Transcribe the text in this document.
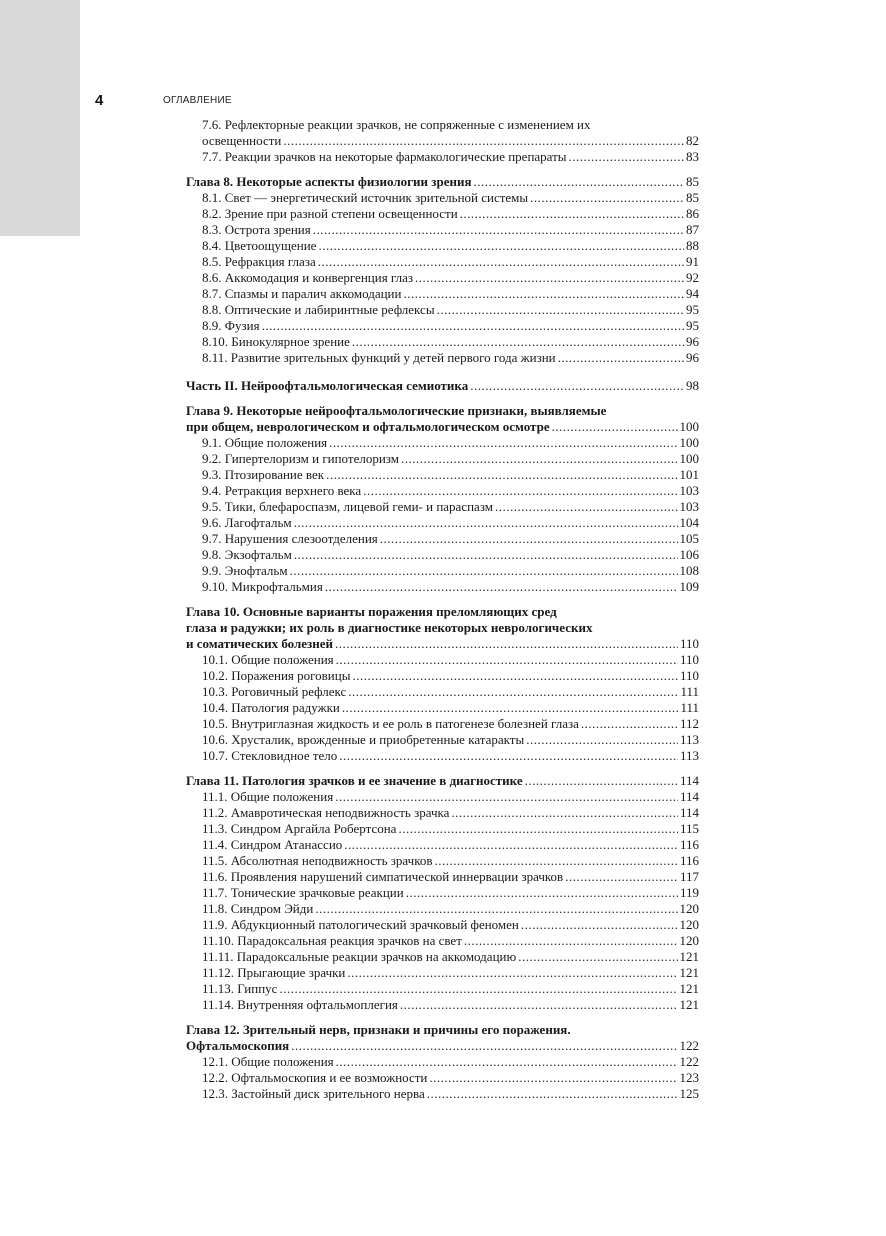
4	ОГЛАВЛЕНИЕ
7.6. Рефлекторные реакции зрачков, не сопряженные с изменением их
освещенности .....	82
7.7. Реакции зрачков на некоторые фармакологические препараты .....	83
Глава 8. Некоторые аспекты физиологии зрения .....	85
8.1. Свет — энергетический источник зрительной системы .....	85
8.2. Зрение при разной степени освещенности .....	86
8.3. Острота зрения .....	87
8.4. Цветоощущение .....	88
8.5. Рефракция глаза .....	91
8.6. Аккомодация и конвергенция глаз .....	92
8.7. Спазмы и паралич аккомодации .....	94
8.8. Оптические и лабиринтные рефлексы .....	95
8.9. Фузия .....	95
8.10. Бинокулярное зрение .....	96
8.11. Развитие зрительных функций у детей первого года жизни .....	96
Часть II. Нейроофтальмологическая семиотика .....	98
Глава 9. Некоторые нейроофтальмологические признаки, выявляемые
при общем, неврологическом и офтальмологическом осмотре .....	100
9.1. Общие положения .....	100
9.2. Гипертелоризм и гипотелоризм .....	100
9.3. Птозирование век .....	101
9.4. Ретракция верхнего века .....	103
9.5. Тики, блефароспазм, лицевой геми- и параспазм .....	103
9.6. Лагофтальм .....	104
9.7. Нарушения слезоотделения .....	105
9.8. Экзофтальм .....	106
9.9. Энофтальм .....	108
9.10. Микрофтальмия .....	109
Глава 10. Основные варианты поражения преломляющих сред
глаза и радужки; их роль в диагностике некоторых неврологических
и соматических болезней .....	110
10.1. Общие положения .....	110
10.2. Поражения роговицы .....	110
10.3. Роговичный рефлекс .....	111
10.4. Патология радужки .....	111
10.5. Внутриглазная жидкость и ее роль в патогенезе болезней глаза .....	112
10.6. Хрусталик, врожденные и приобретенные катаракты .....	113
10.7. Стекловидное тело .....	113
Глава 11. Патология зрачков и ее значение в диагностике .....	114
11.1. Общие положения .....	114
11.2. Амавротическая неподвижность зрачка .....	114
11.3. Синдром Аргайла Робертсона .....	115
11.4. Синдром Атанассио .....	116
11.5. Абсолютная неподвижность зрачков .....	116
11.6. Проявления нарушений симпатической иннервации зрачков .....	117
11.7. Тонические зрачковые реакции .....	119
11.8. Синдром Эйди .....	120
11.9. Абдукционный патологический зрачковый феномен .....	120
11.10. Парадоксальная реакция зрачков на свет .....	120
11.11. Парадоксальные реакции зрачков на аккомодацию .....	121
11.12. Прыгающие зрачки .....	121
11.13. Гиппус .....	121
11.14. Внутренняя офтальмоплегия .....	121
Глава 12. Зрительный нерв, признаки и причины его поражения.
Офтальмоскопия .....	122
12.1. Общие положения .....	122
12.2. Офтальмоскопия и ее возможности .....	123
12.3. Застойный диск зрительного нерва .....	125
